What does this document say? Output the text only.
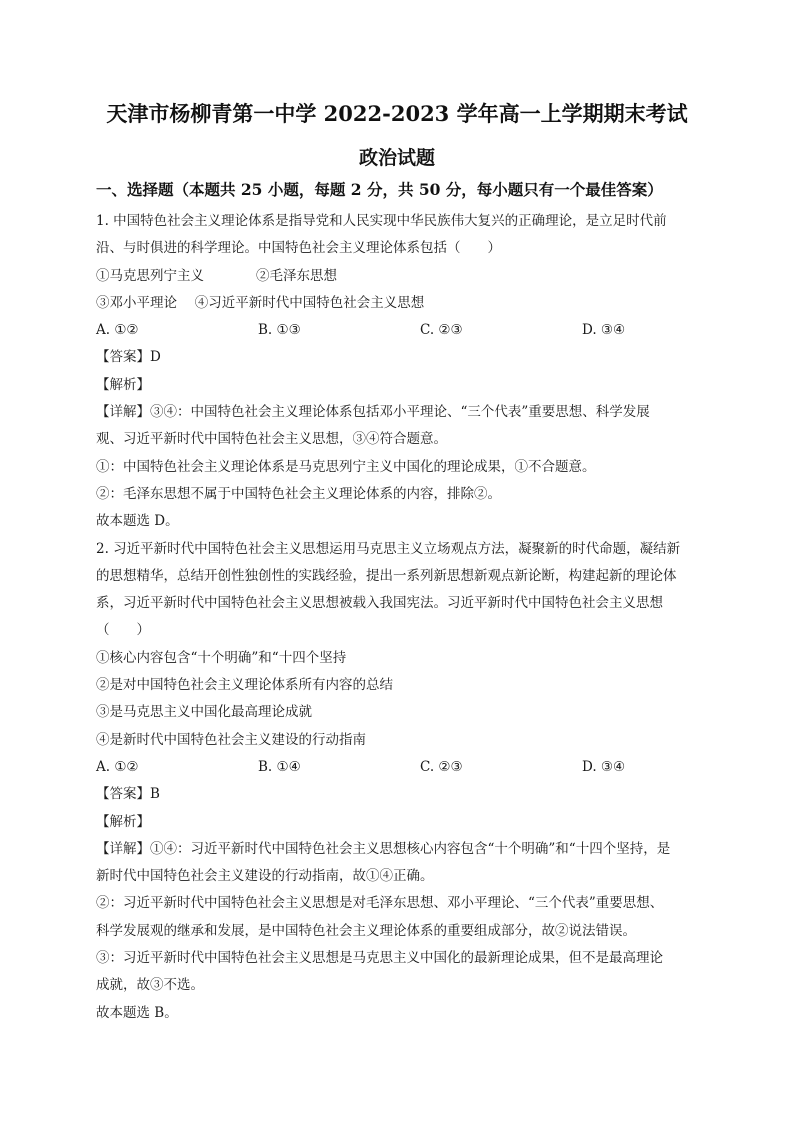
天津市杨柳青第一中学 2022-2023 学年高一上学期期末考试
政治试题
一、选择题（本题共 25 小题，每题 2 分，共 50 分，每小题只有一个最佳答案）

1. 中国特色社会主义理论体系是指导党和人民实现中华民族伟大复兴的正确理论，是立足时代前

沿、与时俱进的科学理论。中国特色社会主义理论体系包括（　　）

①马克思列宁主义	②毛泽东思想

③邓小平理论　 ④习近平新时代中国特色社会主义思想

A. ①②	B. ①③	C. ②③	D. ③④

【答案】D

【解析】

【详解】③④：中国特色社会主义理论体系包括邓小平理论、“三个代表”重要思想、科学发展

观、习近平新时代中国特色社会主义思想，③④符合题意。

①：中国特色社会主义理论体系是马克思列宁主义中国化的理论成果，①不合题意。

②：毛泽东思想不属于中国特色社会主义理论体系的内容，排除②。

故本题选 D。

2. 习近平新时代中国特色社会主义思想运用马克思主义立场观点方法，凝聚新的时代命题，凝结新

的思想精华，总结开创性独创性的实践经验，提出一系列新思想新观点新论断，构建起新的理论体

系，习近平新时代中国特色社会主义思想被载入我国宪法。习近平新时代中国特色社会主义思想

（　　）

①核心内容包含“十个明确”和“十四个坚持

②是对中国特色社会主义理论体系所有内容的总结

③是马克思主义中国化最高理论成就

④是新时代中国特色社会主义建设的行动指南

A. ①②	B. ①④	C. ②③	D. ③④

【答案】B

【解析】

【详解】①④：习近平新时代中国特色社会主义思想核心内容包含“十个明确”和“十四个坚持，是

新时代中国特色社会主义建设的行动指南，故①④正确。

②：习近平新时代中国特色社会主义思想是对毛泽东思想、邓小平理论、“三个代表”重要思想、

科学发展观的继承和发展，是中国特色社会主义理论体系的重要组成部分，故②说法错误。

③：习近平新时代中国特色社会主义思想是马克思主义中国化的最新理论成果，但不是最高理论

成就，故③不选。

故本题选 B。
